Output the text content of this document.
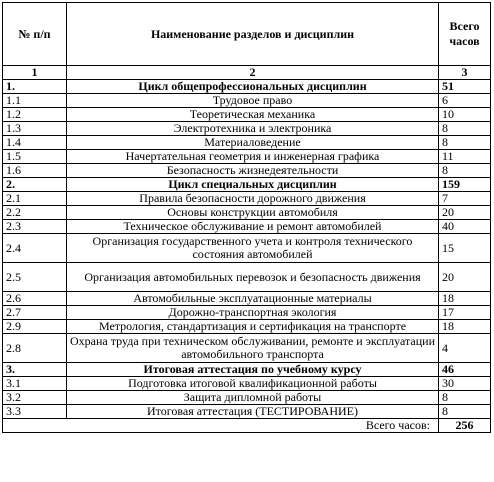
№ п/п	Наименование разделов и дисциплин	Всего часов
1	2	3
1.	Цикл общепрофессиональных дисциплин	51
1.1	Трудовое право	6
1.2	Теоретическая механика	10
1.3	Электротехника и электроника	8
1.4	Материаловедение	8
1.5	Начертательная геометрия и инженерная графика	11
1.6	Безопасность жизнедеятельности	8
2.	Цикл специальных дисциплин	159
2.1	Правила безопасности дорожного движения	7
2.2	Основы конструкции автомобиля	20
2.3	Техническое обслуживание и ремонт автомобилей	40
2.4	Организация государственного учета и контроля технического состояния автомобилей	15
2.5	Организация автомобильных перевозок и безопасность движения	20
2.6	Автомобильные эксплуатационные материалы	18
2.7	Дорожно-транспортная экология	17
2.9	Метрология, стандартизация и сертификация на транспорте	18
2.8	Охрана труда при техническом обслуживании, ремонте и эксплуатации автомобильного транспорта	4
3.	Итоговая аттестация по учебному курсу	46
3.1	Подготовка итоговой квалификационной работы	30
3.2	Защита дипломной работы	8
3.3	Итоговая аттестация (ТЕСТИРОВАНИЕ)	8
Всего часов:		256
